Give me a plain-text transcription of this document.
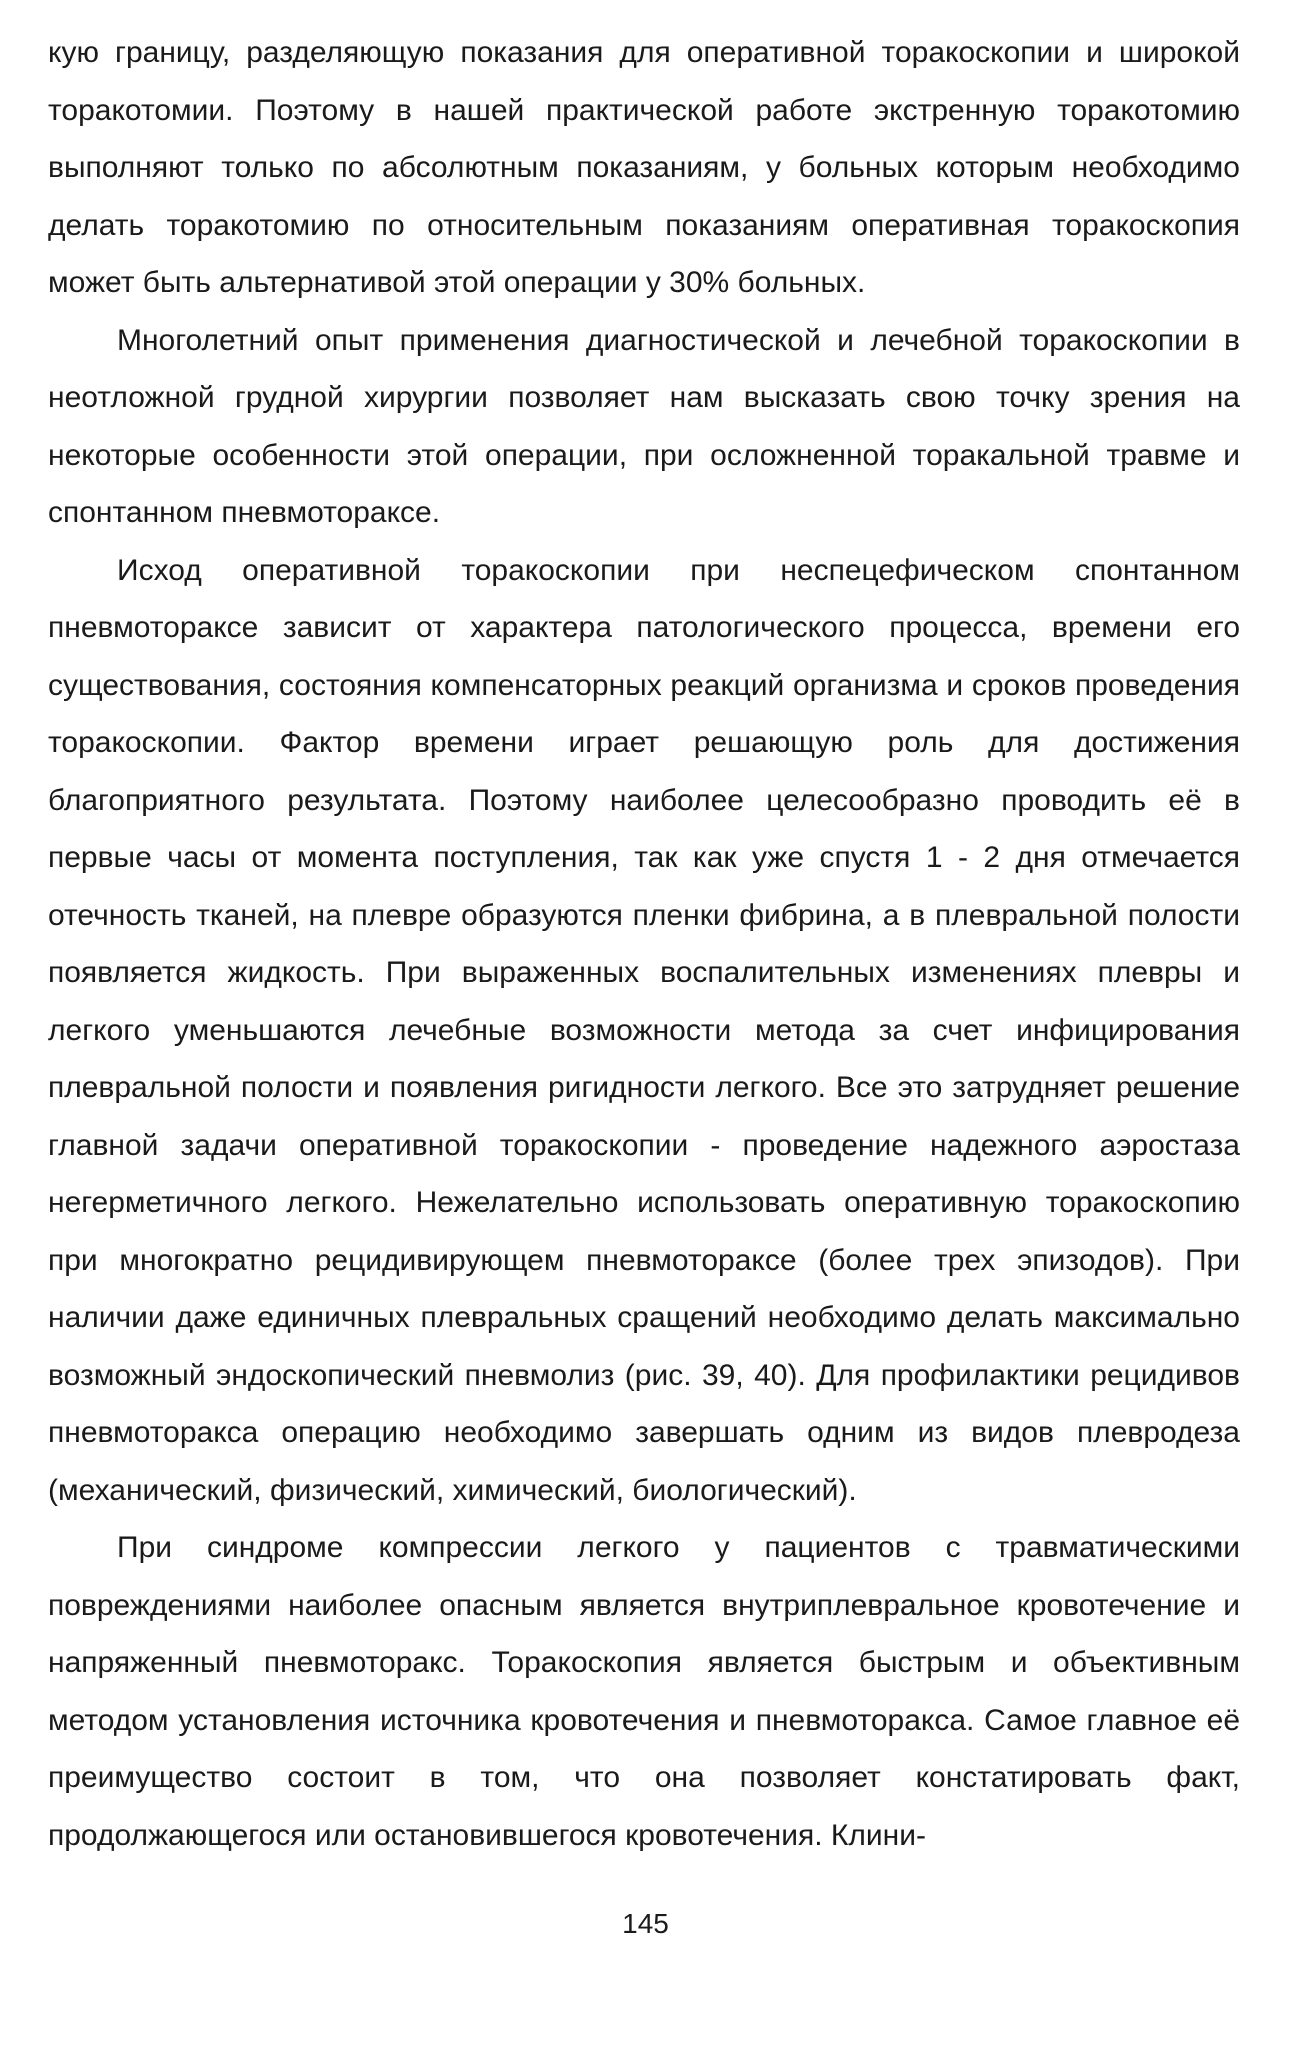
кую границу, разделяющую показания для оперативной торакоскопии и широкой торакотомии. Поэтому в нашей практической работе экстренную торакотомию выполняют только по абсолютным показаниям, у больных которым необходимо делать торакотомию по относительным показаниям оперативная торакоскопия может быть альтернативой этой операции у 30% больных.

Многолетний опыт применения диагностической и лечебной торакоскопии в неотложной грудной хирургии позволяет нам высказать свою точку зрения на некоторые особенности этой операции, при осложненной торакальной травме и спонтанном пневмотораксе.

Исход оперативной торакоскопии при неспецефическом спонтанном пневмотораксе зависит от характера патологического процесса, времени его существования, состояния компенсаторных реакций организма и сроков проведения торакоскопии. Фактор времени играет решающую роль для достижения благоприятного результата. Поэтому наиболее целесообразно проводить её в первые часы от момента поступления, так как уже спустя 1 - 2 дня отмечается отечность тканей, на плевре образуются пленки фибрина, а в плевральной полости появляется жидкость. При выраженных воспалительных изменениях плевры и легкого уменьшаются лечебные возможности метода за счет инфицирования плевральной полости и появления ригидности легкого. Все это затрудняет решение главной задачи оперативной торакоскопии - проведение надежного аэростаза негерметичного легкого. Нежелательно использовать оперативную торакоскопию при многократно рецидивирующем пневмотораксе (более трех эпизодов). При наличии даже единичных плевральных сращений необходимо делать максимально возможный эндоскопический пневмолиз (рис. 39, 40). Для профилактики рецидивов пневмоторакса операцию необходимо завершать одним из видов плевродеза (механический, физический, химический, биологический).

При синдроме компрессии легкого у пациентов с травматическими повреждениями наиболее опасным является внутриплевральное кровотечение и напряженный пневмоторакс. Торакоскопия является быстрым и объективным методом установления источника кровотечения и пневмоторакса. Самое главное её преимущество состоит в том, что она позволяет констатировать факт, продолжающегося или остановившегося кровотечения. Клини-

145
